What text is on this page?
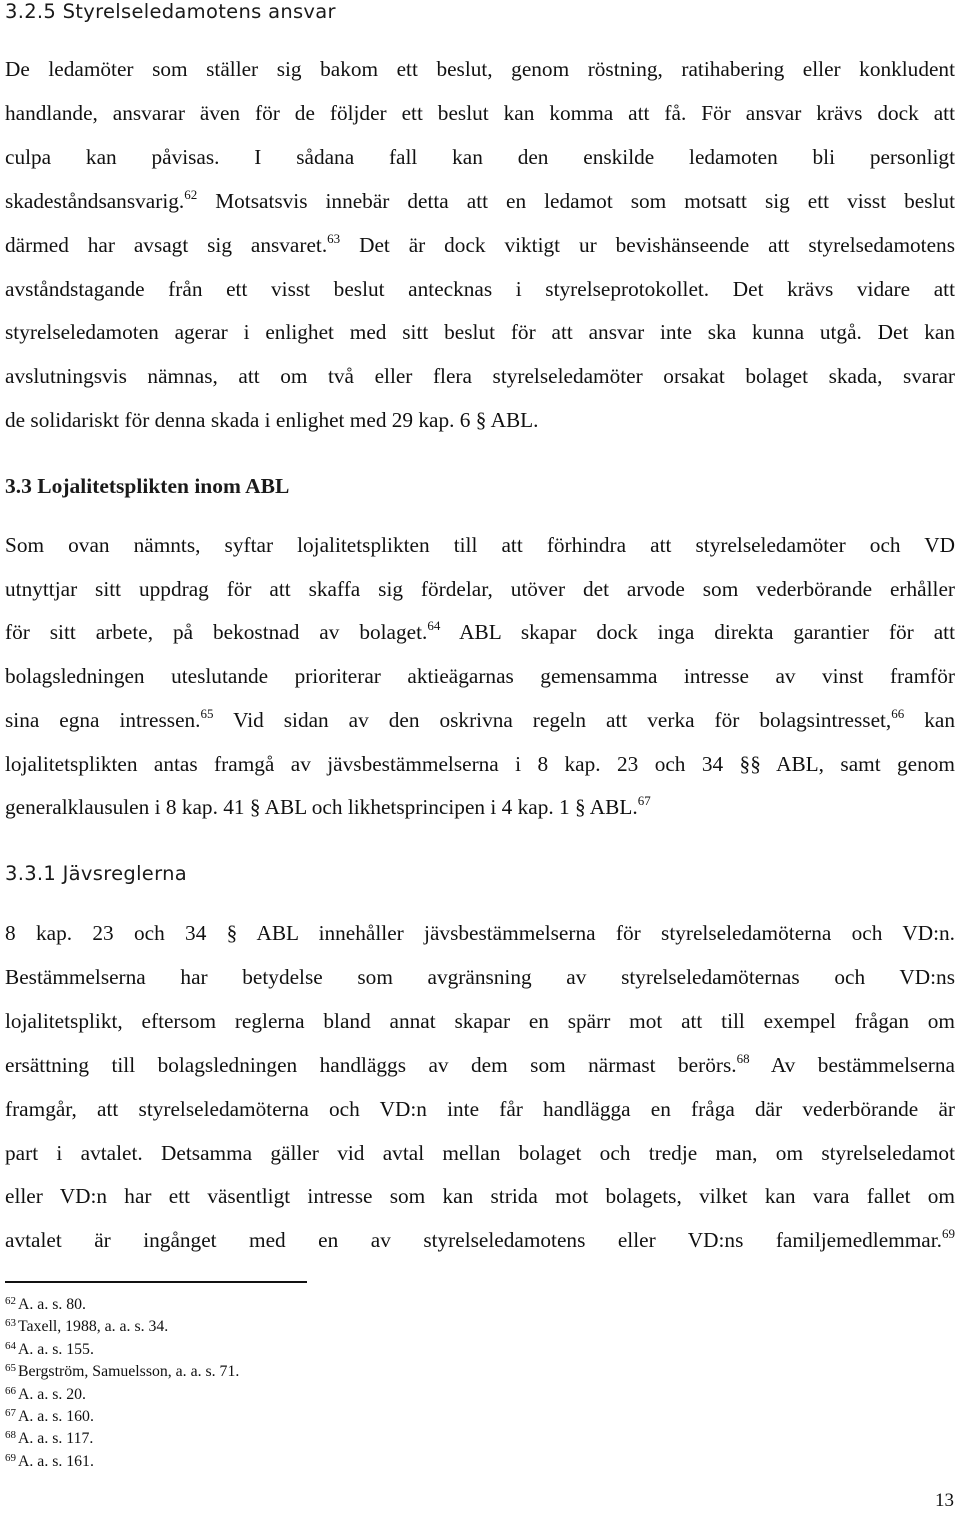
3.2.5 Styrelseledamotens ansvar
De ledamöter som ställer sig bakom ett beslut, genom röstning, ratihabering eller konkludent
handlande, ansvarar även för de följder ett beslut kan komma att få. För ansvar krävs dock att
culpa kan påvisas. I sådana fall kan den enskilde ledamoten bli personligt
skadeståndsansvarig.$^{62}$ Motsatsvis innebär detta att en ledamot som motsatt sig ett visst beslut
därmed har avsagt sig ansvaret.$^{63}$ Det är dock viktigt ur bevishänseende att styrelsedamotens
avståndstagande från ett visst beslut antecknas i styrelseprotokollet. Det krävs vidare att
styrelseledamoten agerar i enlighet med sitt beslut för att ansvar inte ska kunna utgå. Det kan
avslutningsvis nämnas, att om två eller flera styrelseledamöter orsakat bolaget skada, svarar
de solidariskt för denna skada i enlighet med 29 kap. 6 § ABL.
3.3 Lojalitetsplikten inom ABL
Som ovan nämnts, syftar lojalitetsplikten till att förhindra att styrelseledamöter och VD
utnyttjar sitt uppdrag för att skaffa sig fördelar, utöver det arvode som vederbörande erhåller
för sitt arbete, på bekostnad av bolaget.$^{64}$ ABL skapar dock inga direkta garantier för att
bolagsledningen uteslutande prioriterar aktieägarnas gemensamma intresse av vinst framför
sina egna intressen.$^{65}$ Vid sidan av den oskrivna regeln att verka för bolagsintresset,$^{66}$ kan
lojalitetsplikten antas framgå av jävsbestämmelserna i 8 kap. 23 och 34 §§ ABL, samt genom
generalklausulen i 8 kap. 41 § ABL och likhetsprincipen i 4 kap. 1 § ABL.$^{67}$
3.3.1 Jävsreglerna
8 kap. 23 och 34 § ABL innehåller jävsbestämmelserna för styrelseledamöterna och VD:n.
Bestämmelserna har betydelse som avgränsning av styrelseledamöternas och VD:ns
lojalitetsplikt, eftersom reglerna bland annat skapar en spärr mot att till exempel frågan om
ersättning till bolagsledningen handläggs av dem som närmast berörs.$^{68}$ Av bestämmelserna
framgår, att styrelseledamöterna och VD:n inte får handlägga en fråga där vederbörande är
part i avtalet. Detsamma gäller vid avtal mellan bolaget och tredje man, om styrelseledamot
eller VD:n har ett väsentligt intresse som kan strida mot bolagets, vilket kan vara fallet om
avtalet är ingånget med en av styrelseledamotens eller VD:ns familjemedlemmar.$^{69}$
$^{62}$ A. a. s. 80.
$^{63}$ Taxell, 1988, a. a. s. 34.
$^{64}$ A. a. s. 155.
$^{65}$ Bergström, Samuelsson, a. a. s. 71.
$^{66}$ A. a. s. 20.
$^{67}$ A. a. s. 160.
$^{68}$ A. a. s. 117.
$^{69}$ A. a. s. 161.
13
